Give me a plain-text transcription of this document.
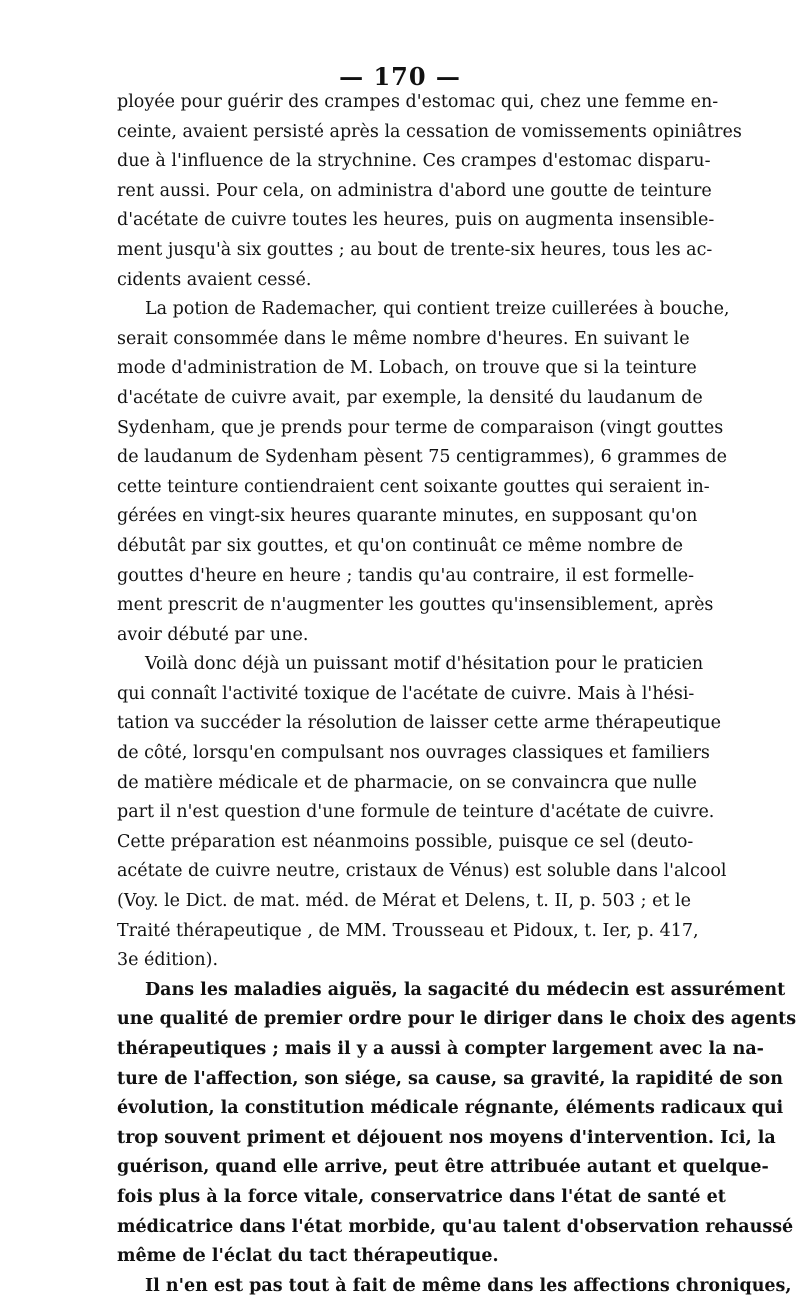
— 170 —
ployée pour guérir des crampes d'estomac qui, chez une femme en-
ceinte, avaient persisté après la cessation de vomissements opiniâtres
due à l'influence de la strychnine. Ces crampes d'estomac disparu-
rent aussi. Pour cela, on administra d'abord une goutte de teinture
d'acétate de cuivre toutes les heures, puis on augmenta insensible-
ment jusqu'à six gouttes ; au bout de trente-six heures, tous les ac-
cidents avaient cessé.
La potion de Rademacher, qui contient treize cuillerées à bouche,
serait consommée dans le même nombre d'heures. En suivant le
mode d'administration de M. Lobach, on trouve que si la teinture
d'acétate de cuivre avait, par exemple, la densité du laudanum de
Sydenham, que je prends pour terme de comparaison (vingt gouttes
de laudanum de Sydenham pèsent 75 centigrammes), 6 grammes de
cette teinture contiendraient cent soixante gouttes qui seraient in-
gérées en vingt-six heures quarante minutes, en supposant qu'on
débutât par six gouttes, et qu'on continuât ce même nombre de
gouttes d'heure en heure ; tandis qu'au contraire, il est formelle-
ment prescrit de n'augmenter les gouttes qu'insensiblement, après
avoir débuté par une.
Voilà donc déjà un puissant motif d'hésitation pour le praticien
qui connaît l'activité toxique de l'acétate de cuivre. Mais à l'hési-
tation va succéder la résolution de laisser cette arme thérapeutique
de côté, lorsqu'en compulsant nos ouvrages classiques et familiers
de matière médicale et de pharmacie, on se convaincra que nulle
part il n'est question d'une formule de teinture d'acétate de cuivre.
Cette préparation est néanmoins possible, puisque ce sel (deuto-
acétate de cuivre neutre, cristaux de Vénus) est soluble dans l'alcool
(Voy. le Dict. de mat. méd. de Mérat et Delens, t. II, p. 503 ; et le
Traité thérapeutique , de MM. Trousseau et Pidoux, t. Ier, p. 417,
3e édition).
Dans les maladies aiguës, la sagacité du médecin est assurément
une qualité de premier ordre pour le diriger dans le choix des agents
thérapeutiques ; mais il y a aussi à compter largement avec la na-
ture de l'affection, son siége, sa cause, sa gravité, la rapidité de son
évolution, la constitution médicale régnante, éléments radicaux qui
trop souvent priment et déjouent nos moyens d'intervention. Ici, la
guérison, quand elle arrive, peut être attribuée autant et quelque-
fois plus à la force vitale, conservatrice dans l'état de santé et
médicatrice dans l'état morbide, qu'au talent d'observation rehaussé
même de l'éclat du tact thérapeutique.
Il n'en est pas tout à fait de même dans les affections chroniques,
